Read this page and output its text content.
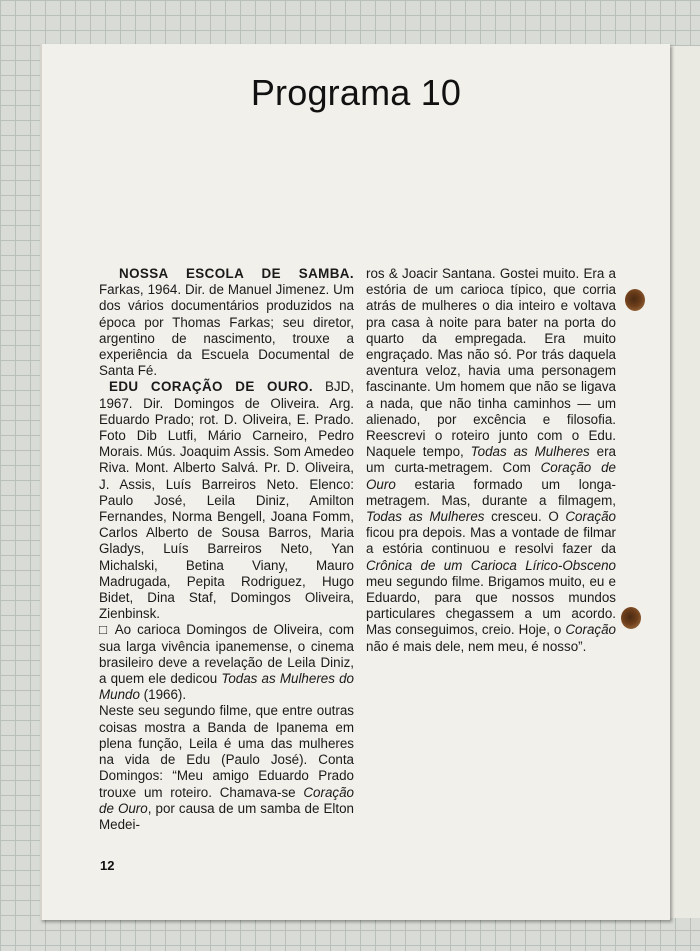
Programa 10

NOSSA ESCOLA DE SAMBA. Farkas, 1964. Dir. de Manuel Jimenez. Um dos vários documentários produzidos na época por Thomas Farkas; seu diretor, argentino de nascimento, trouxe a experiência da Escuela Documental de Santa Fé.

EDU CORAÇÃO DE OURO. BJD, 1967. Dir. Domingos de Oliveira. Arg. Eduardo Prado; rot. D. Oliveira, E. Prado. Foto Dib Lutfi, Mário Carneiro, Pedro Morais. Mús. Joaquim Assis. Som Amedeo Riva. Mont. Alberto Salvá. Pr. D. Oliveira, J. Assis, Luís Barreiros Neto. Elenco: Paulo José, Leila Diniz, Amilton Fernandes, Norma Bengell, Joana Fomm, Carlos Alberto de Sousa Barros, Maria Gladys, Luís Barreiros Neto, Yan Michalski, Betina Viany, Mauro Madrugada, Pepita Rodriguez, Hugo Bidet, Dina Staf, Domingos Oliveira, Zienbinsk.

□ Ao carioca Domingos de Oliveira, com sua larga vivência ipanemense, o cinema brasileiro deve a revelação de Leila Diniz, a quem ele dedicou Todas as Mulheres do Mundo (1966).

Neste seu segundo filme, que entre outras coisas mostra a Banda de Ipanema em plena função, Leila é uma das mulheres na vida de Edu (Paulo José). Conta Domingos: “Meu amigo Eduardo Prado trouxe um roteiro. Chamava-se Coração de Ouro, por causa de um samba de Elton Medei-

ros & Joacir Santana. Gostei muito. Era a estória de um carioca típico, que corria atrás de mulheres o dia inteiro e voltava pra casa à noite para bater na porta do quarto da empregada. Era muito engraçado. Mas não só. Por trás daquela aventura veloz, havia uma personagem fascinante. Um homem que não se ligava a nada, que não tinha caminhos — um alienado, por excência e filosofia. Reescrevi o roteiro junto com o Edu. Naquele tempo, Todas as Mulheres era um curta-metragem. Com Coração de Ouro estaria formado um longa-metragem. Mas, durante a filmagem, Todas as Mulheres cresceu. O Coração ficou pra depois. Mas a vontade de filmar a estória continuou e resolvi fazer da Crônica de um Carioca Lírico-Obsceno meu segundo filme. Brigamos muito, eu e Eduardo, para que nossos mundos particulares chegassem a um acordo. Mas conseguimos, creio. Hoje, o Coração não é mais dele, nem meu, é nosso”.

12
